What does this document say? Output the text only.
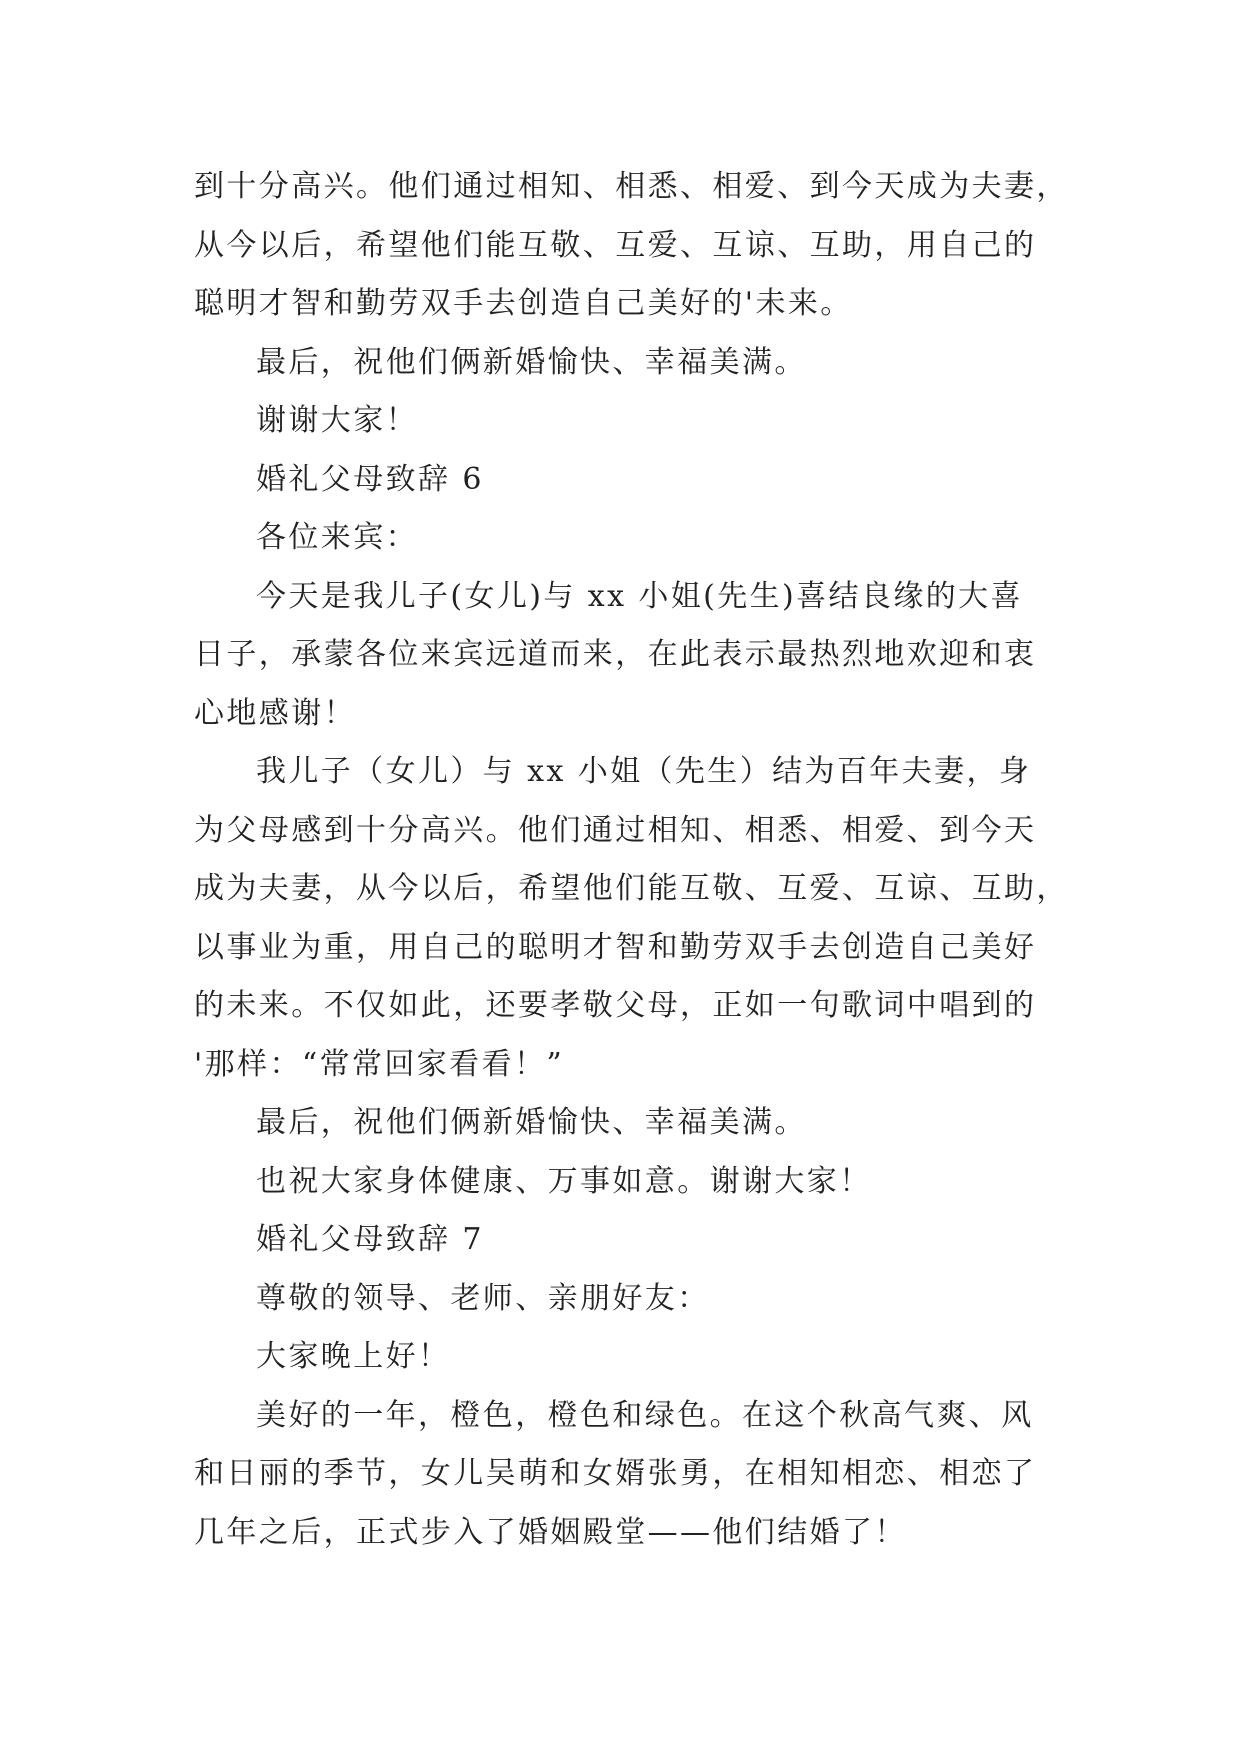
到十分高兴。他们通过相知、相悉、相爱、到今天成为夫妻，
从今以后，希望他们能互敬、互爱、互谅、互助，用自己的
聪明才智和勤劳双手去创造自己美好的'未来。

最后，祝他们俩新婚愉快、幸福美满。

谢谢大家！

婚礼父母致辞 6

各位来宾：

今天是我儿子(女儿)与 xx 小姐(先生)喜结良缘的大喜
日子，承蒙各位来宾远道而来，在此表示最热烈地欢迎和衷
心地感谢！

我儿子（女儿）与 xx 小姐（先生）结为百年夫妻，身
为父母感到十分高兴。他们通过相知、相悉、相爱、到今天
成为夫妻，从今以后，希望他们能互敬、互爱、互谅、互助，
以事业为重，用自己的聪明才智和勤劳双手去创造自己美好
的未来。不仅如此，还要孝敬父母，正如一句歌词中唱到的
'那样：“常常回家看看！”

最后，祝他们俩新婚愉快、幸福美满。

也祝大家身体健康、万事如意。谢谢大家！

婚礼父母致辞 7

尊敬的领导、老师、亲朋好友：

大家晚上好！

美好的一年，橙色，橙色和绿色。在这个秋高气爽、风
和日丽的季节，女儿吴萌和女婿张勇，在相知相恋、相恋了
几年之后，正式步入了婚姻殿堂——他们结婚了！
